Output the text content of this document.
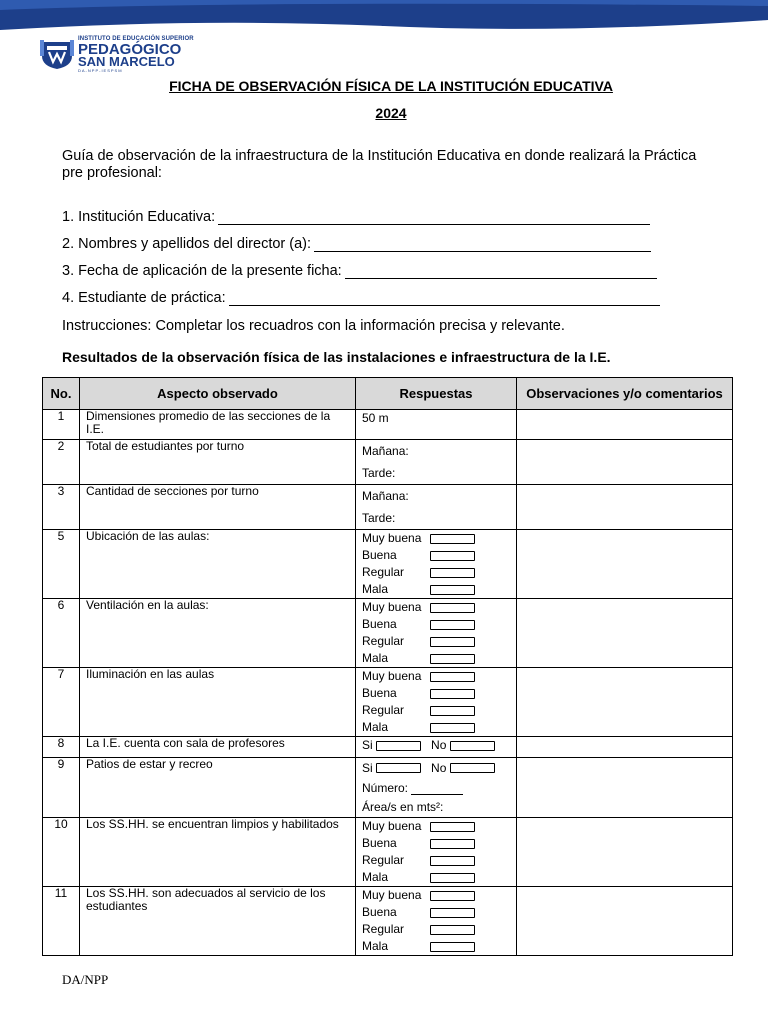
INSTITUTO DE EDUCACIÓN SUPERIOR
PEDAGÓGICO
SAN MARCELO
DA-NPP-IESPSM
FICHA DE OBSERVACIÓN FÍSICA DE LA INSTITUCIÓN EDUCATIVA
2024
Guía de observación de la infraestructura de la Institución Educativa en donde realizará la Práctica pre profesional:
1. Institución Educativa:
2. Nombres y apellidos del director (a):
3. Fecha de aplicación de la presente ficha:
4. Estudiante de práctica:
Instrucciones: Completar los recuadros con la información precisa y relevante.
Resultados de la observación física de las instalaciones e infraestructura de la I.E.
No.	Aspecto observado	Respuestas	Observaciones y/o comentarios
1	Dimensiones promedio de las secciones de la I.E.	50 m	

2	Total de estudiantes por turno	Mañana:
Tarde:	

3	Cantidad de secciones por turno	Mañana:
Tarde:	

5	Ubicación de las aulas:	Muy buena
Buena
Regular
Mala	

6	Ventilación en la aulas:	Muy buena
Buena
Regular
Mala	

7	Iluminación en las aulas	Muy buena
Buena
Regular
Mala	

8	La I.E. cuenta con sala de profesores	Si

No	

9	Patios de estar y recreo	Si

No

Número:
Área/s en mts²:	

10	Los SS.HH. se encuentran limpios y habilitados	Muy buena
Buena
Regular
Mala	

11	Los SS.HH. son adecuados al servicio de los estudiantes	Muy buena
Buena
Regular
Mala	

DA/NPP
